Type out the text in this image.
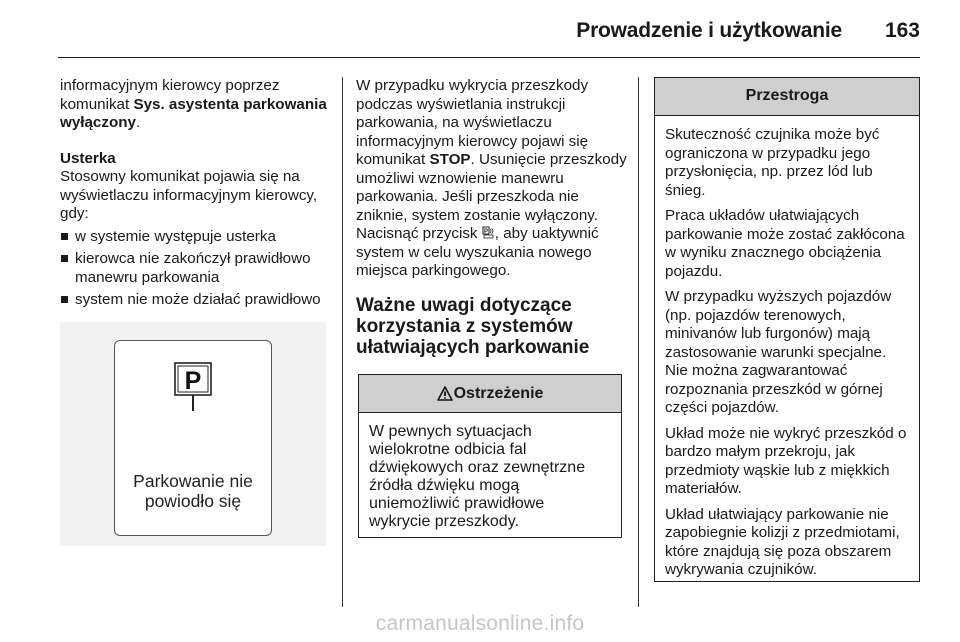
Prowadzenie i użytkowanie 163

informacyjnym kierowcy poprzez komunikat Sys. asystenta parkowania wyłączony.

Usterka

Stosowny komunikat pojawia się na wyświetlaczu informacyjnym kierowcy, gdy:

w systemie występuje usterka
kierowca nie zakończył prawidłowo manewru parkowania
system nie może działać prawidłowo
P
Parkowanie nie powiodło się

W przypadku wykrycia przeszkody podczas wyświetlania instrukcji parkowania, na wyświetlaczu informacyjnym kierowcy pojawi się komunikat STOP. Usunięcie przeszkody umożliwi wznowienie manewru parkowania. Jeśli przeszkoda nie zniknie, system zostanie wyłączony. Nacisnąć przycisk P , aby uaktywnić system w celu wyszukania nowego miejsca parkingowego.

Ważne uwagi dotyczące korzystania z systemów ułatwiających parkowanie

Ostrzeżenie

W pewnych sytuacjach wielokrotne odbicia fal dźwiękowych oraz zewnętrzne źródła dźwięku mogą uniemożliwić prawidłowe wykrycie przeszkody.

Przestroga

Skuteczność czujnika może być ograniczona w przypadku jego przysłonięcia, np. przez lód lub śnieg.

Praca układów ułatwiających parkowanie może zostać zakłócona w wyniku znacznego obciążenia pojazdu.

W przypadku wyższych pojazdów (np. pojazdów terenowych, minivanów lub furgonów) mają zastosowanie warunki specjalne. Nie można zagwarantować rozpoznania przeszkód w górnej części pojazdów.

Układ może nie wykryć przeszkód o bardzo małym przekroju, jak przedmioty wąskie lub z miękkich materiałów.

Układ ułatwiający parkowanie nie zapobiegnie kolizji z przedmiotami, które znajdują się poza obszarem wykrywania czujników.

carmanualsonline.info
